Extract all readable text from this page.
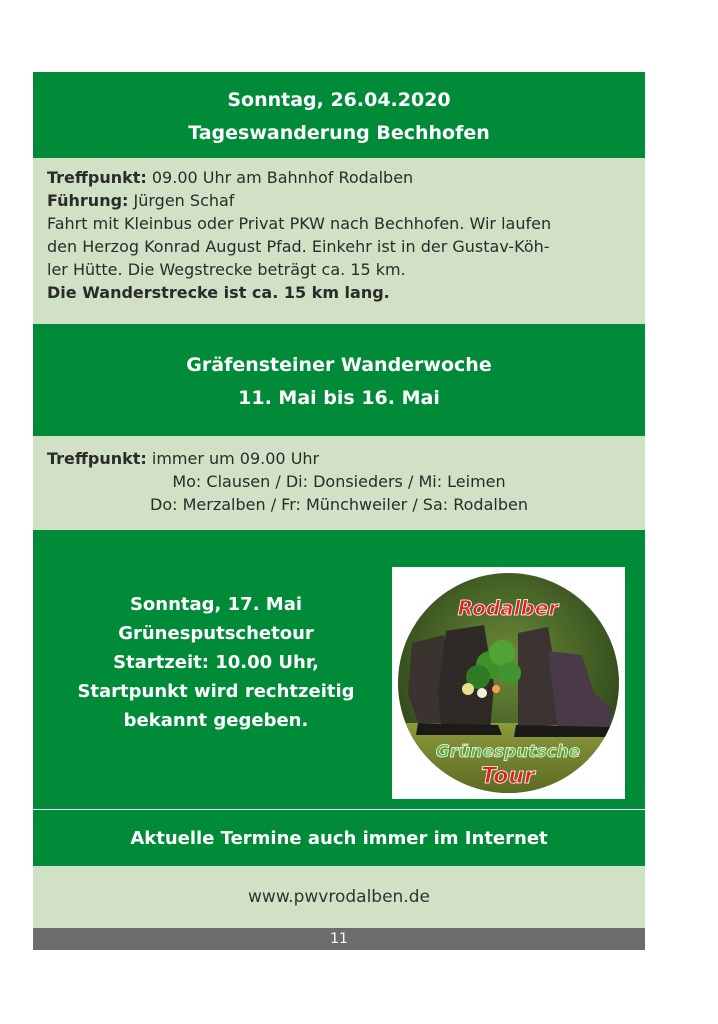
Sonntag, 26.04.2020
Tageswanderung Bechhofen

Treffpunkt: 09.00 Uhr am Bahnhof Rodalben

Führung: Jürgen Schaf

Fahrt mit Kleinbus oder Privat PKW nach Bechhofen. Wir laufen

den Herzog Konrad August Pfad. Einkehr ist in der Gustav-Köh-

ler Hütte. Die Wegstrecke beträgt ca. 15 km.

Die Wanderstrecke ist ca. 15 km lang.

Gräfensteiner Wanderwoche
11. Mai bis 16. Mai

Treffpunkt: immer um 09.00 Uhr

Mo: Clausen / Di: Donsieders / Mi: Leimen

Do: Merzalben / Fr: Münchweiler / Sa: Rodalben

Sonntag, 17. Mai
Grünesputschetour
Startzeit: 10.00 Uhr,
Startpunkt wird rechtzeitig
bekannt gegeben.
Rodalber
Grünesputsche
Tour
Aktuelle Termine auch immer im Internet
www.pwvrodalben.de
11
